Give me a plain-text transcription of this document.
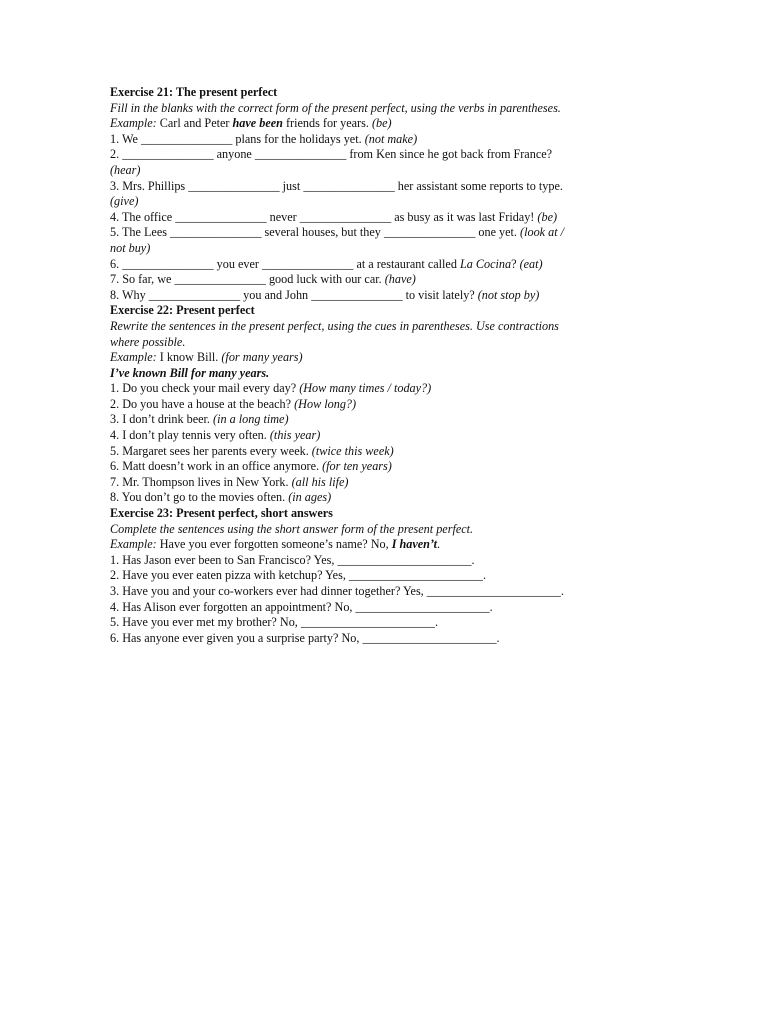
Exercise 21: The present perfect
Fill in the blanks with the correct form of the present perfect, using the verbs in parentheses.
Example: Carl and Peter have been friends for years. (be)
1. We _______________ plans for the holidays yet. (not make)
2. _______________ anyone _______________ from Ken since he got back from France?
(hear)
3. Mrs. Phillips _______________ just _______________ her assistant some reports to type.
(give)
4. The office _______________ never _______________ as busy as it was last Friday! (be)
5. The Lees _______________ several houses, but they _______________ one yet. (look at /
not buy)
6. _______________ you ever _______________ at a restaurant called La Cocina? (eat)
7. So far, we _______________ good luck with our car. (have)
8. Why _______________ you and John _______________ to visit lately? (not stop by)
Exercise 22: Present perfect
Rewrite the sentences in the present perfect, using the cues in parentheses. Use contractions
where possible.
Example: I know Bill. (for many years)
I’ve known Bill for many years.
1. Do you check your mail every day? (How many times / today?)
2. Do you have a house at the beach? (How long?)
3. I don’t drink beer. (in a long time)
4. I don’t play tennis very often. (this year)
5. Margaret sees her parents every week. (twice this week)
6. Matt doesn’t work in an office anymore. (for ten years)
7. Mr. Thompson lives in New York. (all his life)
8. You don’t go to the movies often. (in ages)
Exercise 23: Present perfect, short answers
Complete the sentences using the short answer form of the present perfect.
Example: Have you ever forgotten someone’s name? No, I haven’t.
1. Has Jason ever been to San Francisco? Yes, ______________________.
2. Have you ever eaten pizza with ketchup? Yes, ______________________.
3. Have you and your co-workers ever had dinner together? Yes, ______________________.
4. Has Alison ever forgotten an appointment? No, ______________________.
5. Have you ever met my brother? No, ______________________.
6. Has anyone ever given you a surprise party? No, ______________________.
